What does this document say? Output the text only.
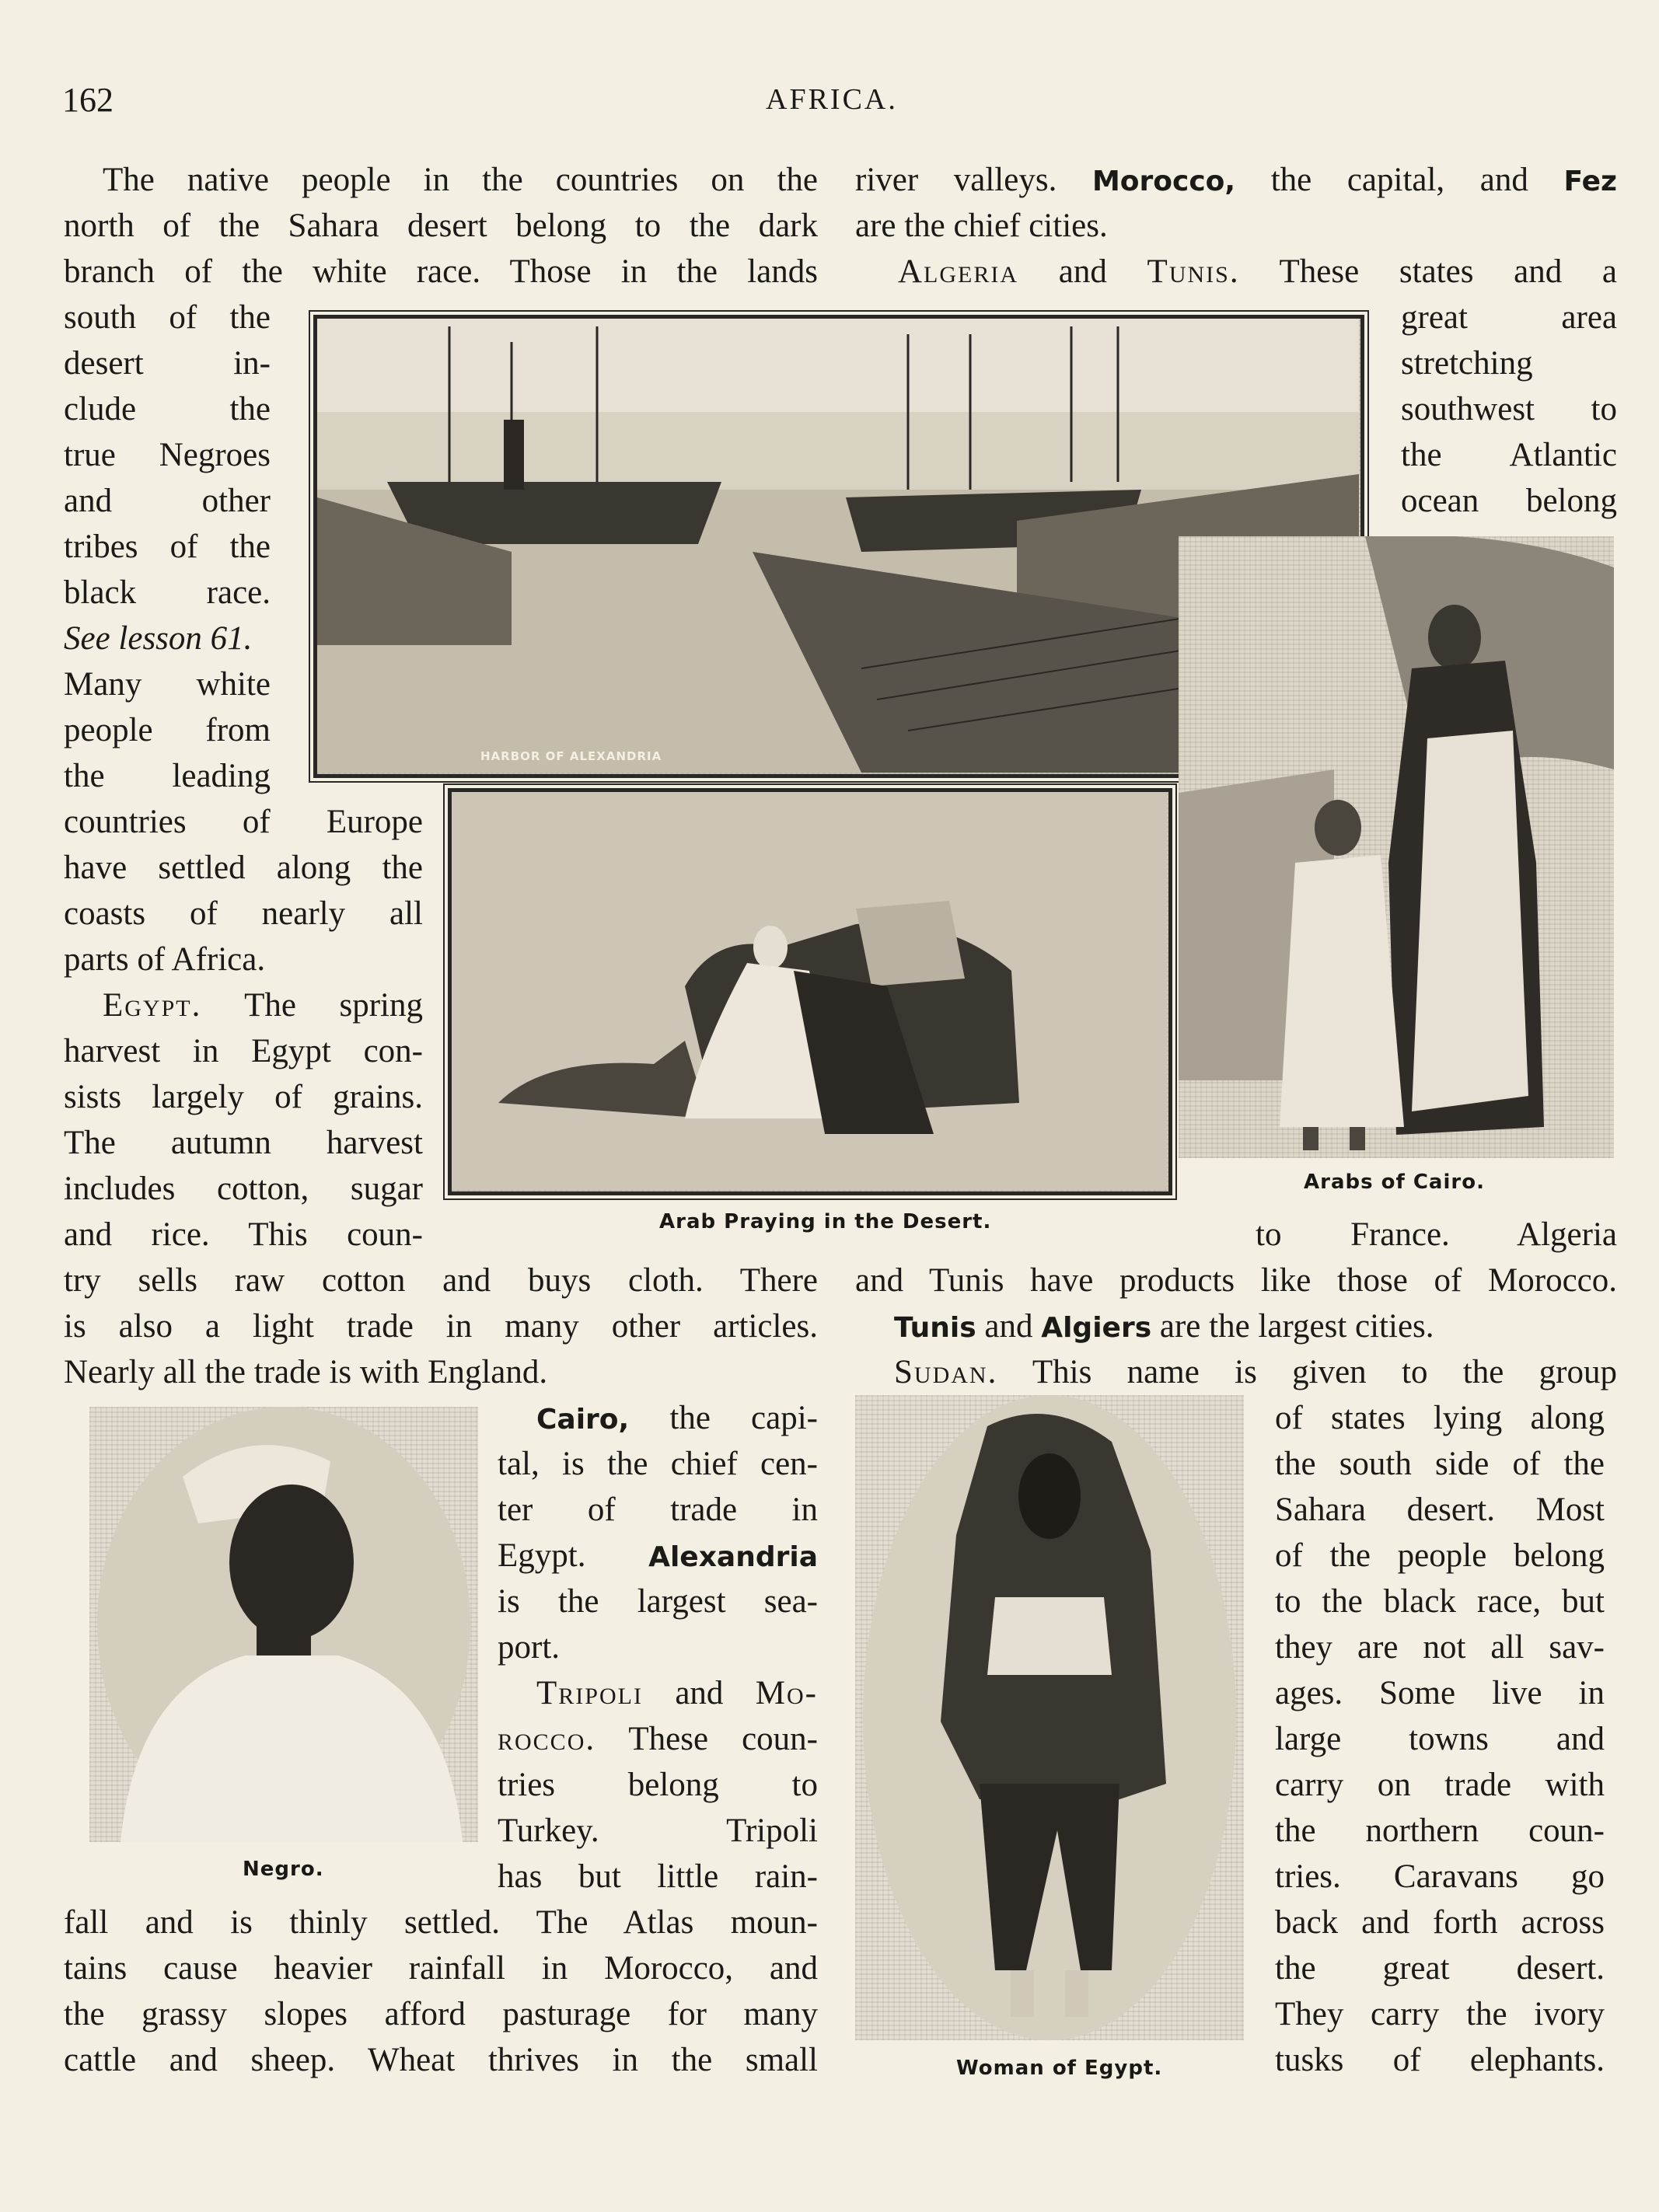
162	AFRICA.
HARBOR OF ALEXANDRIA
Arab Praying in the Desert.
Arabs of Cairo.
Negro.
Woman of Egypt.
The native people in the countries on the
north of the Sahara desert belong to the dark
branch of the white race. Those in the lands
south of the
desert in-
clude the
true Negroes
and other
tribes of the
black race.
See lesson 61.
Many white
people from
the leading
countries of Europe
have settled along the
coasts of nearly all
parts of Africa.
Egypt. The spring
harvest in Egypt con-
sists largely of grains.
The autumn harvest
includes cotton, sugar
and rice. This coun-
try sells raw cotton and buys cloth. There
is also a light trade in many other articles.
Nearly all the trade is with England.
Cairo, the capi-
tal, is the chief cen-
ter of trade in
Egypt. Alexandria
is the largest sea-
port.
Tripoli and Mo-
rocco. These coun-
tries belong to
Turkey. Tripoli
has but little rain-
fall and is thinly settled. The Atlas moun-
tains cause heavier rainfall in Morocco, and
the grassy slopes afford pasturage for many
cattle and sheep. Wheat thrives in the small
river valleys. Morocco, the capital, and Fez
are the chief cities.
Algeria and Tunis. These states and a
great area
stretching
southwest to
the Atlantic
ocean belong
to France. Algeria
and Tunis have products like those of Morocco.
Tunis and Algiers are the largest cities.
Sudan. This name is given to the group
of states lying along
the south side of the
Sahara desert. Most
of the people belong
to the black race, but
they are not all sav-
ages. Some live in
large towns and
carry on trade with
the northern coun-
tries. Caravans go
back and forth across
the great desert.
They carry the ivory
tusks of elephants.
